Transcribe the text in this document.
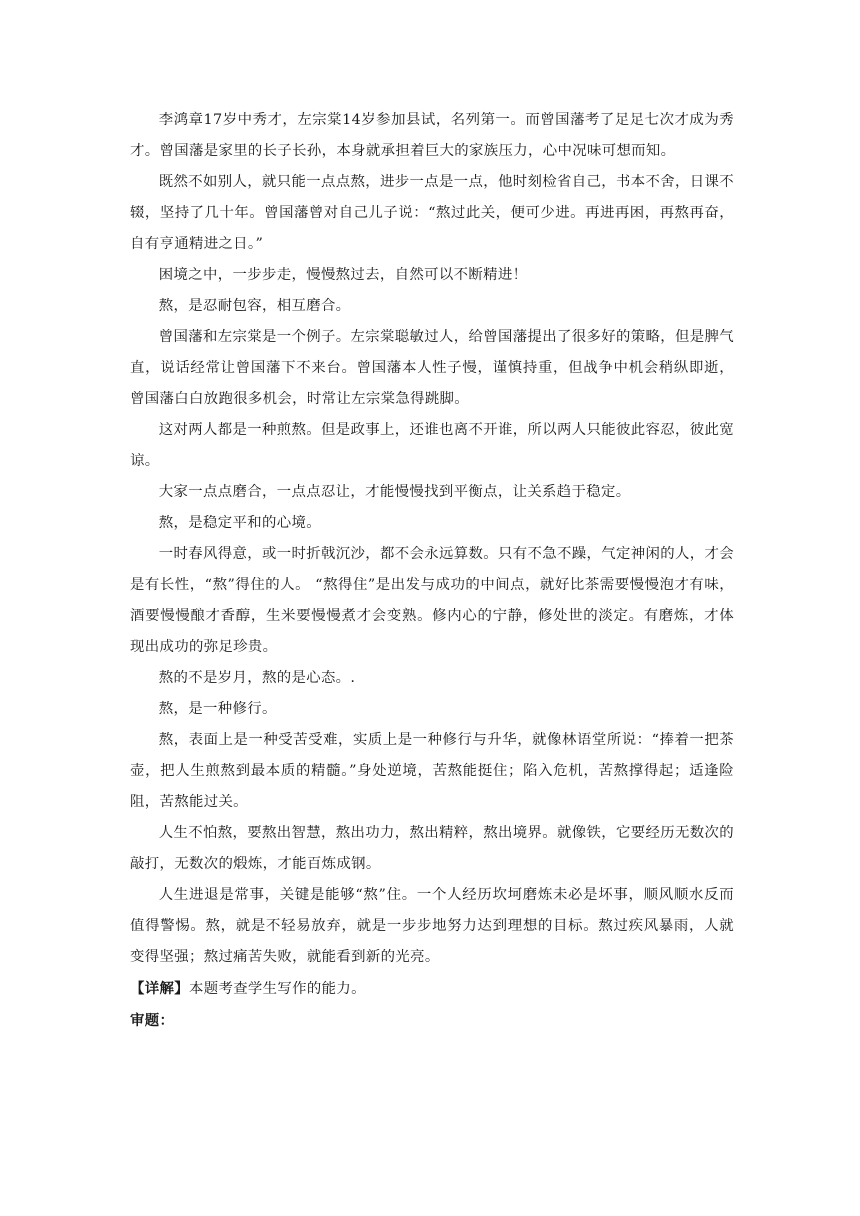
李鸿章17岁中秀才，左宗棠14岁参加县试，名列第一。而曾国藩考了足足七次才成为秀才。曾国藩是家里的长子长孙，本身就承担着巨大的家族压力，心中况味可想而知。

既然不如别人，就只能一点点熬，进步一点是一点，他时刻检省自己，书本不舍，日课不辍，坚持了几十年。曾国藩曾对自己儿子说：“熬过此关，便可少进。再进再困，再熬再奋，自有亨通精进之日。”

困境之中，一步步走，慢慢熬过去，自然可以不断精进！

熬，是忍耐包容，相互磨合。

曾国藩和左宗棠是一个例子。左宗棠聪敏过人，给曾国藩提出了很多好的策略，但是脾气直，说话经常让曾国藩下不来台。曾国藩本人性子慢，谨慎持重，但战争中机会稍纵即逝，曾国藩白白放跑很多机会，时常让左宗棠急得跳脚。

这对两人都是一种煎熬。但是政事上，还谁也离不开谁，所以两人只能彼此容忍，彼此宽谅。

大家一点点磨合，一点点忍让，才能慢慢找到平衡点，让关系趋于稳定。

熬，是稳定平和的心境。

一时春风得意，或一时折戟沉沙，都不会永远算数。只有不急不躁，气定神闲的人，才会是有长性，“熬”得住的人。 “熬得住”是出发与成功的中间点，就好比茶需要慢慢泡才有味，酒要慢慢酿才香醇，生米要慢慢煮才会变熟。修内心的宁静，修处世的淡定。有磨炼，才体现出成功的弥足珍贵。

熬的不是岁月，熬的是心态。.

熬，是一种修行。

熬，表面上是一种受苦受难，实质上是一种修行与升华，就像林语堂所说：“捧着一把茶壶，把人生煎熬到最本质的精髓。”身处逆境，苦熬能挺住；陷入危机，苦熬撑得起；适逢险阻，苦熬能过关。

人生不怕熬，要熬出智慧，熬出功力，熬出精粹，熬出境界。就像铁，它要经历无数次的敲打，无数次的煅炼，才能百炼成钢。

人生进退是常事，关键是能够“熬”住。一个人经历坎坷磨炼未必是坏事，顺风顺水反而值得警惕。熬，就是不轻易放弃，就是一步步地努力达到理想的目标。熬过疾风暴雨，人就变得坚强；熬过痛苦失败，就能看到新的光亮。

【详解】本题考查学生写作的能力。

审题：
